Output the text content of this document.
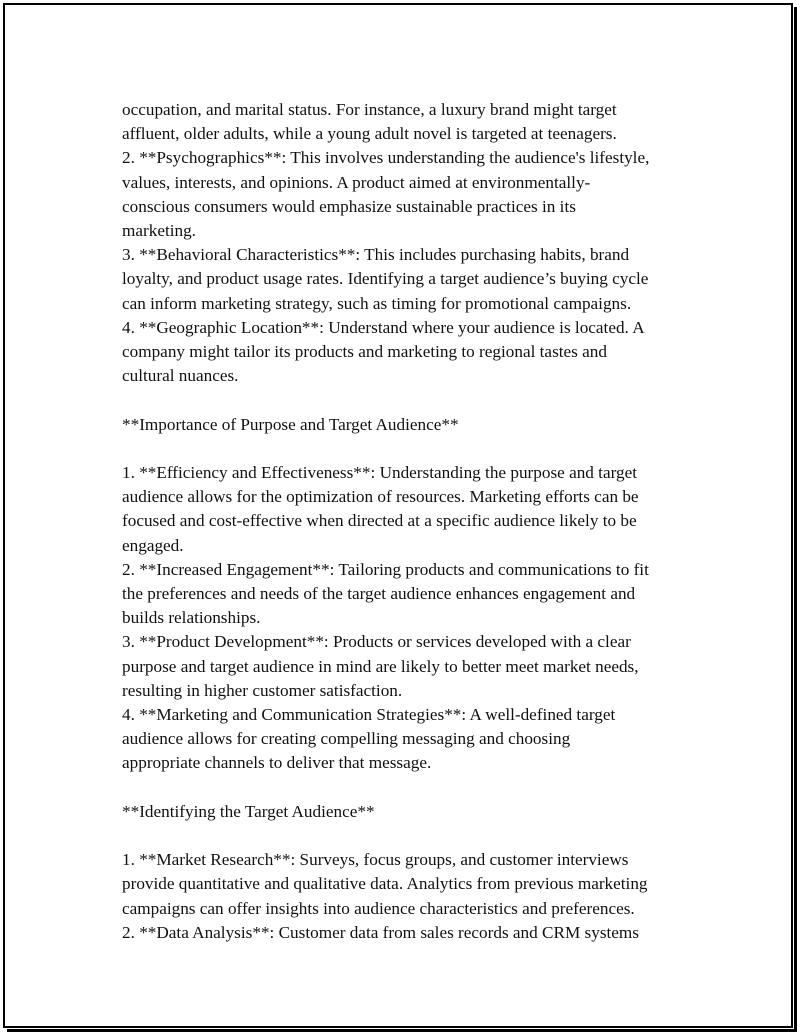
occupation, and marital status. For instance, a luxury brand might target
affluent, older adults, while a young adult novel is targeted at teenagers.
2. **Psychographics**: This involves understanding the audience's lifestyle,
values, interests, and opinions. A product aimed at environmentally-
conscious consumers would emphasize sustainable practices in its
marketing.
3. **Behavioral Characteristics**: This includes purchasing habits, brand
loyalty, and product usage rates. Identifying a target audience’s buying cycle
can inform marketing strategy, such as timing for promotional campaigns.
4. **Geographic Location**: Understand where your audience is located. A
company might tailor its products and marketing to regional tastes and
cultural nuances.
**Importance of Purpose and Target Audience**
1. **Efficiency and Effectiveness**: Understanding the purpose and target
audience allows for the optimization of resources. Marketing efforts can be
focused and cost-effective when directed at a specific audience likely to be
engaged.
2. **Increased Engagement**: Tailoring products and communications to fit
the preferences and needs of the target audience enhances engagement and
builds relationships.
3. **Product Development**: Products or services developed with a clear
purpose and target audience in mind are likely to better meet market needs,
resulting in higher customer satisfaction.
4. **Marketing and Communication Strategies**: A well-defined target
audience allows for creating compelling messaging and choosing
appropriate channels to deliver that message.
**Identifying the Target Audience**
1. **Market Research**: Surveys, focus groups, and customer interviews
provide quantitative and qualitative data. Analytics from previous marketing
campaigns can offer insights into audience characteristics and preferences.
2. **Data Analysis**: Customer data from sales records and CRM systems
